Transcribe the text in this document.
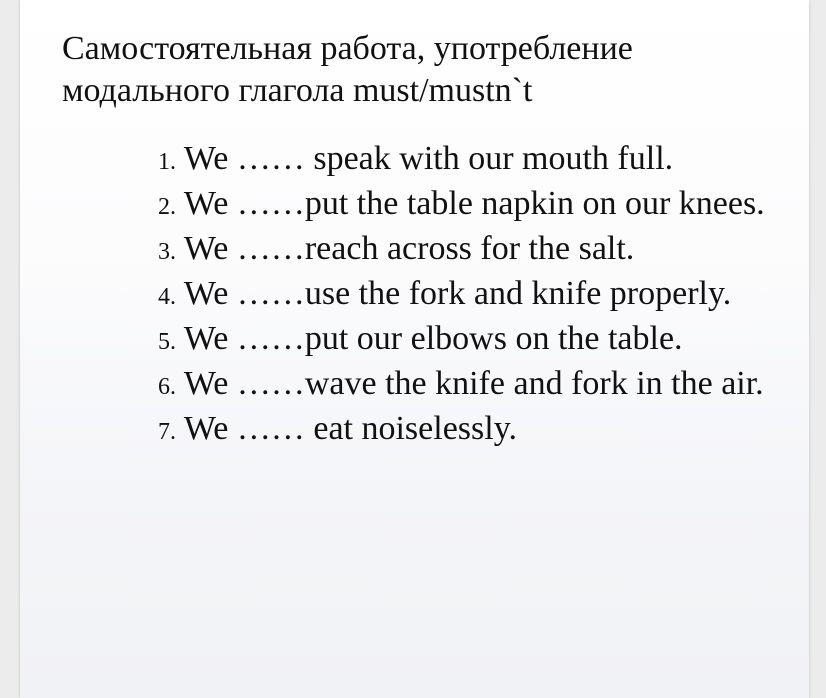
Самостоятельная работа, употребление
модального глагола must/mustn`t
1. We …… speak with our mouth full.
2. We ……put the table napkin on our knees.
3. We ……reach across for the salt.
4. We ……use the fork and knife properly.
5. We ……put our elbows on the table.
6. We ……wave the knife and fork in the air.
7. We …… eat noiselessly.
